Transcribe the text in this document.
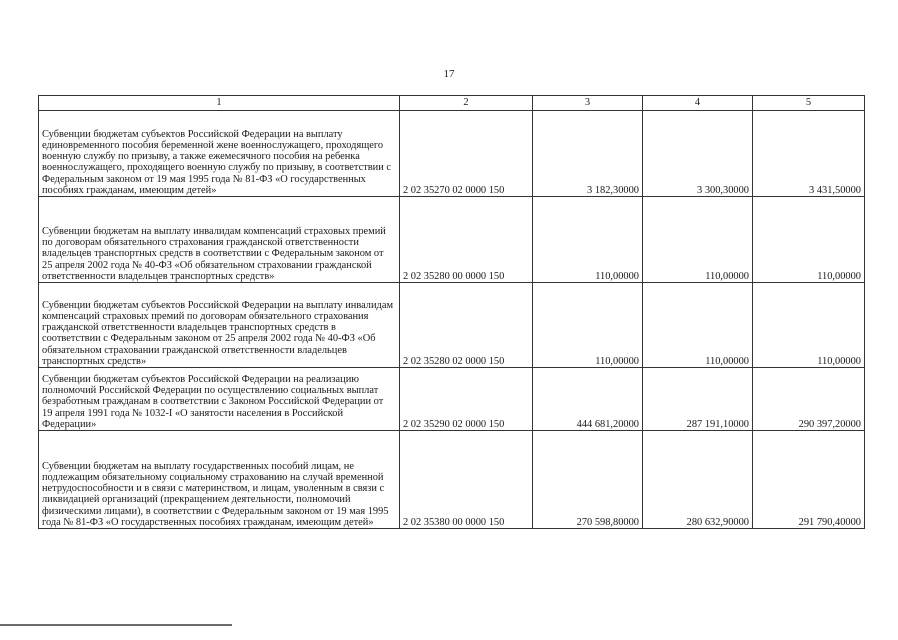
17
1	2	3	4	5
Субвенции бюджетам субъектов Российской Федерации на выплату единовременного пособия беременной жене военнослужащего, проходящего военную службу по призыву, а также ежемесячного пособия на ребенка военнослужащего, проходящего военную службу по призыву, в соответствии с Федеральным законом от 19 мая 1995 года № 81-ФЗ «О государственных пособиях гражданам, имеющим детей»	2 02 35270 02 0000 150	3 182,30000	3 300,30000	3 431,50000
Субвенции бюджетам на выплату инвалидам компенсаций страховых премий по договорам обязательного страхования гражданской ответственности владельцев транспортных средств в соответствии с Федеральным законом от 25 апреля 2002 года № 40-ФЗ «Об обязательном страховании гражданской ответственности владельцев транспортных средств»	2 02 35280 00 0000 150	110,00000	110,00000	110,00000
Субвенции бюджетам субъектов Российской Федерации на выплату инвалидам компенсаций страховых премий по договорам обязательного страхования гражданской ответственности владельцев транспортных средств в соответствии с Федеральным законом от 25 апреля 2002 года № 40-ФЗ «Об обязательном страховании гражданской ответственности владельцев транспортных средств»	2 02 35280 02 0000 150	110,00000	110,00000	110,00000
Субвенции бюджетам субъектов Российской Федерации на реализацию полномочий Российской Федерации по осуществлению социальных выплат безработным гражданам в соответствии с Законом Российской Федерации от 19 апреля 1991 года № 1032-I «О занятости населения в Российской Федерации»	2 02 35290 02 0000 150	444 681,20000	287 191,10000	290 397,20000
Субвенции бюджетам на выплату государственных пособий лицам, не подлежащим обязательному социальному страхованию на случай временной нетрудоспособности и в связи с материнством, и лицам, уволенным в связи с ликвидацией организаций (прекращением деятельности, полномочий физическими лицами), в соответствии с Федеральным законом от 19 мая 1995 года № 81-ФЗ «О государственных пособиях гражданам, имеющим детей»	2 02 35380 00 0000 150	270 598,80000	280 632,90000	291 790,40000
